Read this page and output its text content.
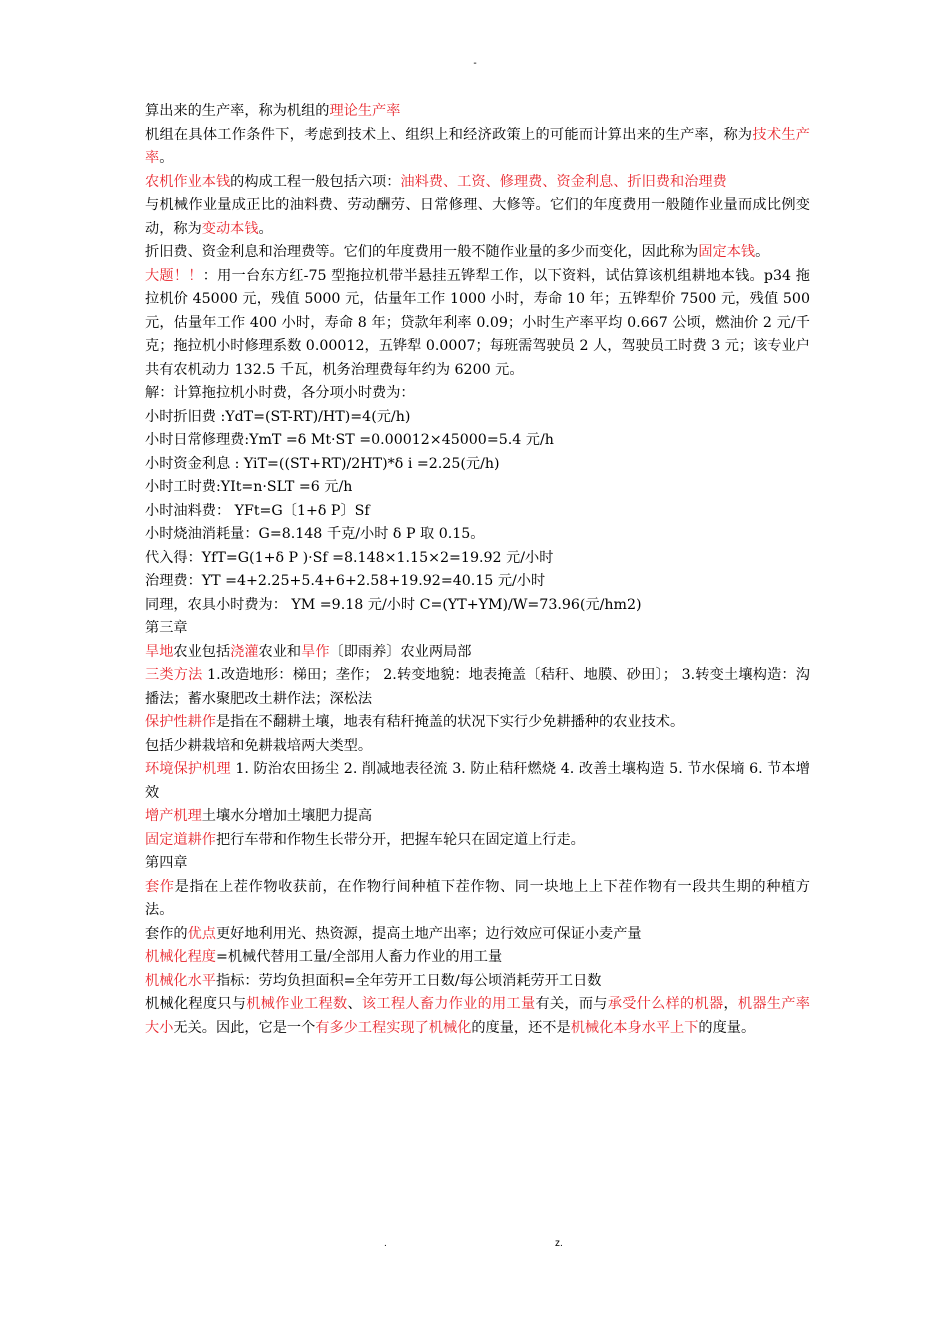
-

算出来的生产率，称为机组的理论生产率

机组在具体工作条件下，考虑到技术上、组织上和经济政策上的可能而计算出来的生产率，称为技术生产率。

农机作业本钱的构成工程一般包括六项：油料费、工资、修理费、资金利息、折旧费和治理费

与机械作业量成正比的油料费、劳动酬劳、日常修理、大修等。它们的年度费用一般随作业量而成比例变动，称为变动本钱。

折旧费、资金利息和治理费等。它们的年度费用一般不随作业量的多少而变化，因此称为固定本钱。

大题！！：用一台东方红-75 型拖拉机带半悬挂五铧犁工作，以下资料，试估算该机组耕地本钱。p34 拖拉机价 45000 元，残值 5000 元，估量年工作 1000 小时，寿命 10 年；五铧犁价 7500 元，残值 500 元，估量年工作 400 小时，寿命 8 年；贷款年利率 0.09；小时生产率平均 0.667 公顷，燃油价 2 元/千克；拖拉机小时修理系数 0.00012，五铧犁 0.0007；每班需驾驶员 2 人，驾驶员工时费 3 元；该专业户共有农机动力 132.5 千瓦，机务治理费每年约为 6200 元。

解：计算拖拉机小时费，各分项小时费为：

小时折旧费 :YdT=(ST-RT)/HT)=4(元/h)

小时日常修理费:YmT =δ Mt·ST =0.00012×45000=5.4 元/h

小时资金利息 : YiT=((ST+RT)/2HT)*δ i =2.25(元/h)

小时工时费:YIt=n·SLT =6 元/h

小时油料费： YFt=G〔1+δ P〕Sf

小时烧油消耗量：G=8.148 千克/小时 δ P 取 0.15。

代入得：YfT=G(1+δ P )·Sf =8.148×1.15×2=19.92 元/小时

治理费：YT =4+2.25+5.4+6+2.58+19.92=40.15 元/小时

同理，农具小时费为： YM =9.18 元/小时 C=(YT+YM)/W=73.96(元/hm2)

第三章

旱地农业包括浇灌农业和旱作〔即雨养〕农业两局部

三类方法 1.改造地形：梯田；垄作； 2.转变地貌：地表掩盖〔秸秆、地膜、砂田〕； 3.转变土壤构造：沟播法；蓄水聚肥改土耕作法；深松法

保护性耕作是指在不翻耕土壤，地表有秸秆掩盖的状况下实行少免耕播种的农业技术。

包括少耕栽培和免耕栽培两大类型。

环境保护机理 1. 防治农田扬尘 2. 削减地表径流 3. 防止秸秆燃烧 4. 改善土壤构造 5. 节水保墒 6. 节本增效

增产机理土壤水分增加土壤肥力提高

固定道耕作把行车带和作物生长带分开，把握车轮只在固定道上行走。

第四章

套作是指在上茬作物收获前，在作物行间种植下茬作物、同一块地上上下茬作物有一段共生期的种植方法。

套作的优点更好地利用光、热资源，提高土地产出率；边行效应可保证小麦产量

机械化程度=机械代替用工量/全部用人畜力作业的用工量

机械化水平指标：劳均负担面积=全年劳开工日数/每公顷消耗劳开工日数

机械化程度只与机械作业工程数、该工程人畜力作业的用工量有关，而与承受什么样的机器，机器生产率大小无关。因此，它是一个有多少工程实现了机械化的度量，还不是机械化本身水平上下的度量。

.	z.
